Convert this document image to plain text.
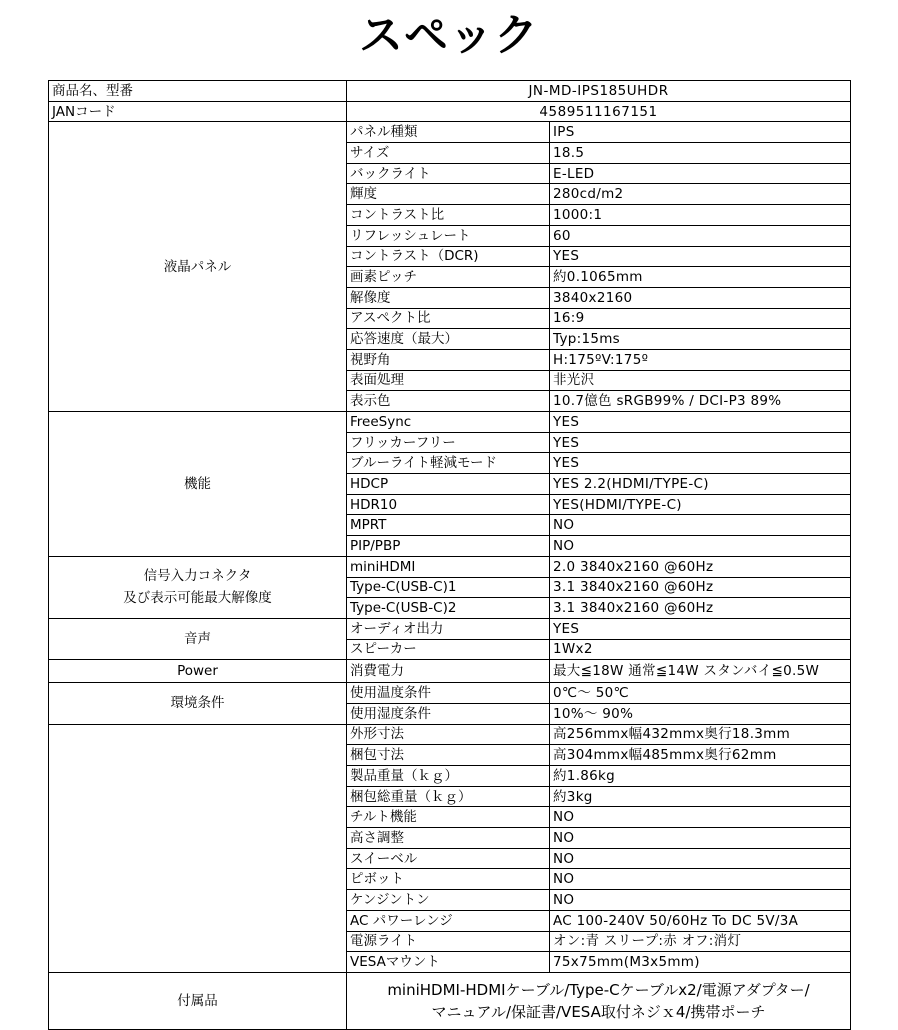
スペック
商品名、型番	JN-MD-IPS185UHDR	
JANコード	4589511167151	
液晶パネル	パネル種類	IPS
	サイズ	18.5
	バックライト	E-LED
	輝度	280cd/m2
	コントラスト比	1000:1
	リフレッシュレート	60
	コントラスト（DCR)	YES
	画素ピッチ	約0.1065mm
	解像度	3840x2160
	アスペクト比	16:9
	応答速度（最大）	Typ:15ms
	視野角	H:175ºV:175º
	表面処理	非光沢
	表示色	10.7億色 sRGB99% / DCI-P3 89%
機能	FreeSync	YES
	フリッカーフリー	YES
	ブルーライト軽減モード	YES
	HDCP	YES 2.2(HDMI/TYPE-C)
	HDR10	YES(HDMI/TYPE-C)
	MPRT	NO
	PIP/PBP	NO

信号入力コネクタ
及び表示可能最大解像度	miniHDMI	2.0 3840x2160 @60Hz
	Type-C(USB-C)1	3.1 3840x2160 @60Hz
	Type-C(USB-C)2	3.1 3840x2160 @60Hz
音声	オーディオ出力	YES
	スピーカー	1Wx2
Power	消費電力	最大≦18W 通常≦14W スタンバイ≦0.5W
環境条件	使用温度条件	0℃～ 50℃
	使用湿度条件	10%～ 90%
	外形寸法	高256mmx幅432mmx奥行18.3mm
	梱包寸法	高304mmx幅485mmx奥行62mm
	製品重量（ｋｇ）	約1.86kg
	梱包総重量（ｋｇ）	約3kg
	チルト機能	NO
	高さ調整	NO
	スイーベル	NO
	ピボット	NO
	ケンジントン	NO
	AC パワーレンジ	AC 100-240V 50/60Hz To DC 5V/3A
	電源ライト	オン:青 スリープ:赤 オフ:消灯
	VESAマウント	75x75mm(M3x5mm)
付属品	miniHDMI-HDMIケーブル/Type-Cケーブルx2/電源アダプター/
マニュアル/保証書/VESA取付ネジｘ4/携帯ポーチ	
